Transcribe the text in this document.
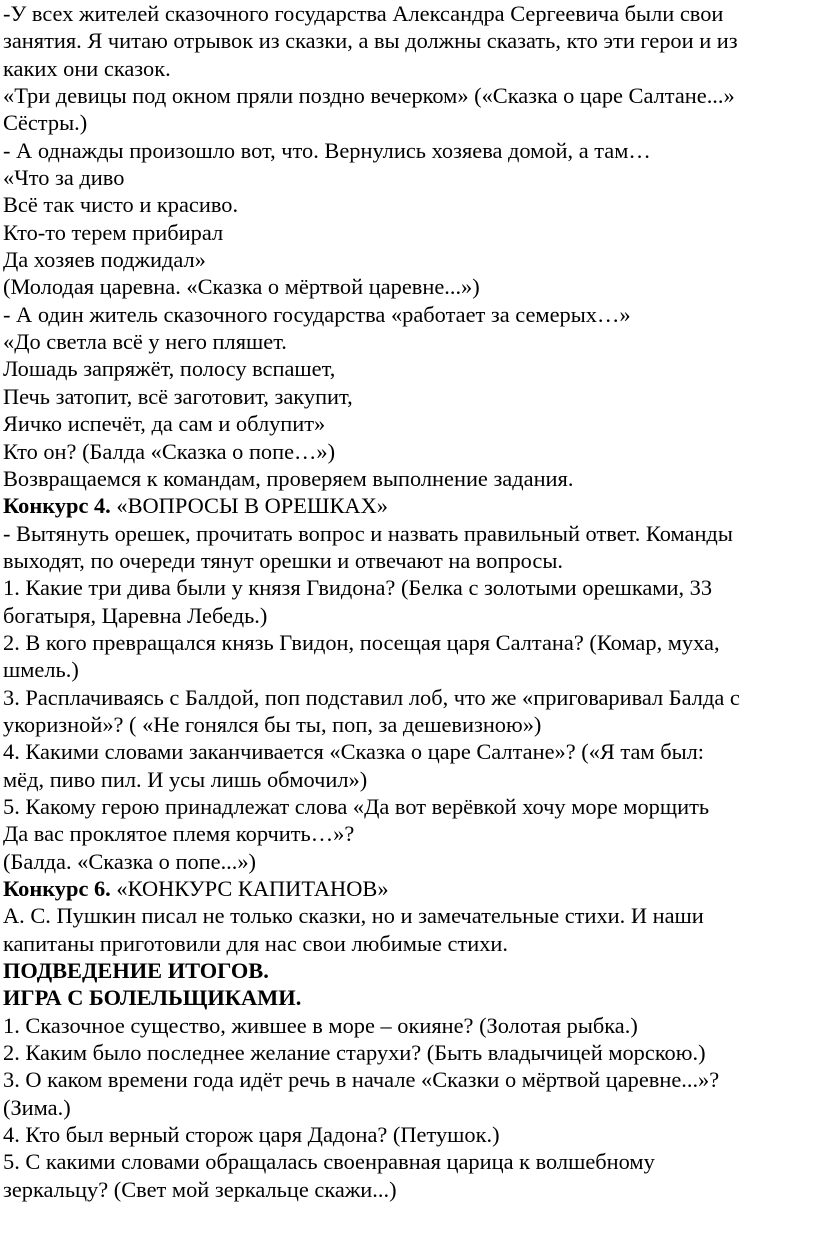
-У всех жителей сказочного государства Александра Сергеевича были свои
занятия. Я читаю отрывок из сказки, а вы должны сказать, кто эти герои и из
каких они сказок.
«Три девицы под окном пряли поздно вечерком» («Сказка о царе Салтане...»
Сёстры.)
- А однажды произошло вот, что. Вернулись хозяева домой, а там…
«Что за диво
Всё так чисто и красиво.
Кто-то терем прибирал
Да хозяев поджидал»
(Молодая царевна. «Сказка о мёртвой царевне...»)
- А один житель сказочного государства «работает за семерых…»
«До светла всё у него пляшет.
Лошадь запряжёт, полосу вспашет,
Печь затопит, всё заготовит, закупит,
Яичко испечёт, да сам и облупит»
Кто он? (Балда «Сказка о попе…»)
Возвращаемся к командам, проверяем выполнение задания.
Конкурс 4. «ВОПРОСЫ В ОРЕШКАХ»
- Вытянуть орешек, прочитать вопрос и назвать правильный ответ. Команды
выходят, по очереди тянут орешки и отвечают на вопросы.
1. Какие три дива были у князя Гвидона? (Белка с золотыми орешками, 33
богатыря, Царевна Лебедь.)
2. В кого превращался князь Гвидон, посещая царя Салтана? (Комар, муха,
шмель.)
3. Расплачиваясь с Балдой, поп подставил лоб, что же «приговаривал Балда с
укоризной»? ( «Не гонялся бы ты, поп, за дешевизною»)
4. Какими словами заканчивается «Сказка о царе Салтане»? («Я там был:
мёд, пиво пил. И усы лишь обмочил»)
5. Какому герою принадлежат слова «Да вот верёвкой хочу море морщить
Да вас проклятое племя корчить…»?
(Балда. «Сказка о попе...»)
Конкурс 6. «КОНКУРС КАПИТАНОВ»
А. С. Пушкин писал не только сказки, но и замечательные стихи. И наши
капитаны приготовили для нас свои любимые стихи.
ПОДВЕДЕНИЕ ИТОГОВ.
ИГРА С БОЛЕЛЬЩИКАМИ.
1. Сказочное существо, жившее в море – окияне? (Золотая рыбка.)
2. Каким было последнее желание старухи? (Быть владычицей морскою.)
3. О каком времени года идёт речь в начале «Сказки о мёртвой царевне...»?
(Зима.)
4. Кто был верный сторож царя Дадона? (Петушок.)
5. С какими словами обращалась своенравная царица к волшебному
зеркальцу? (Свет мой зеркальце скажи...)
